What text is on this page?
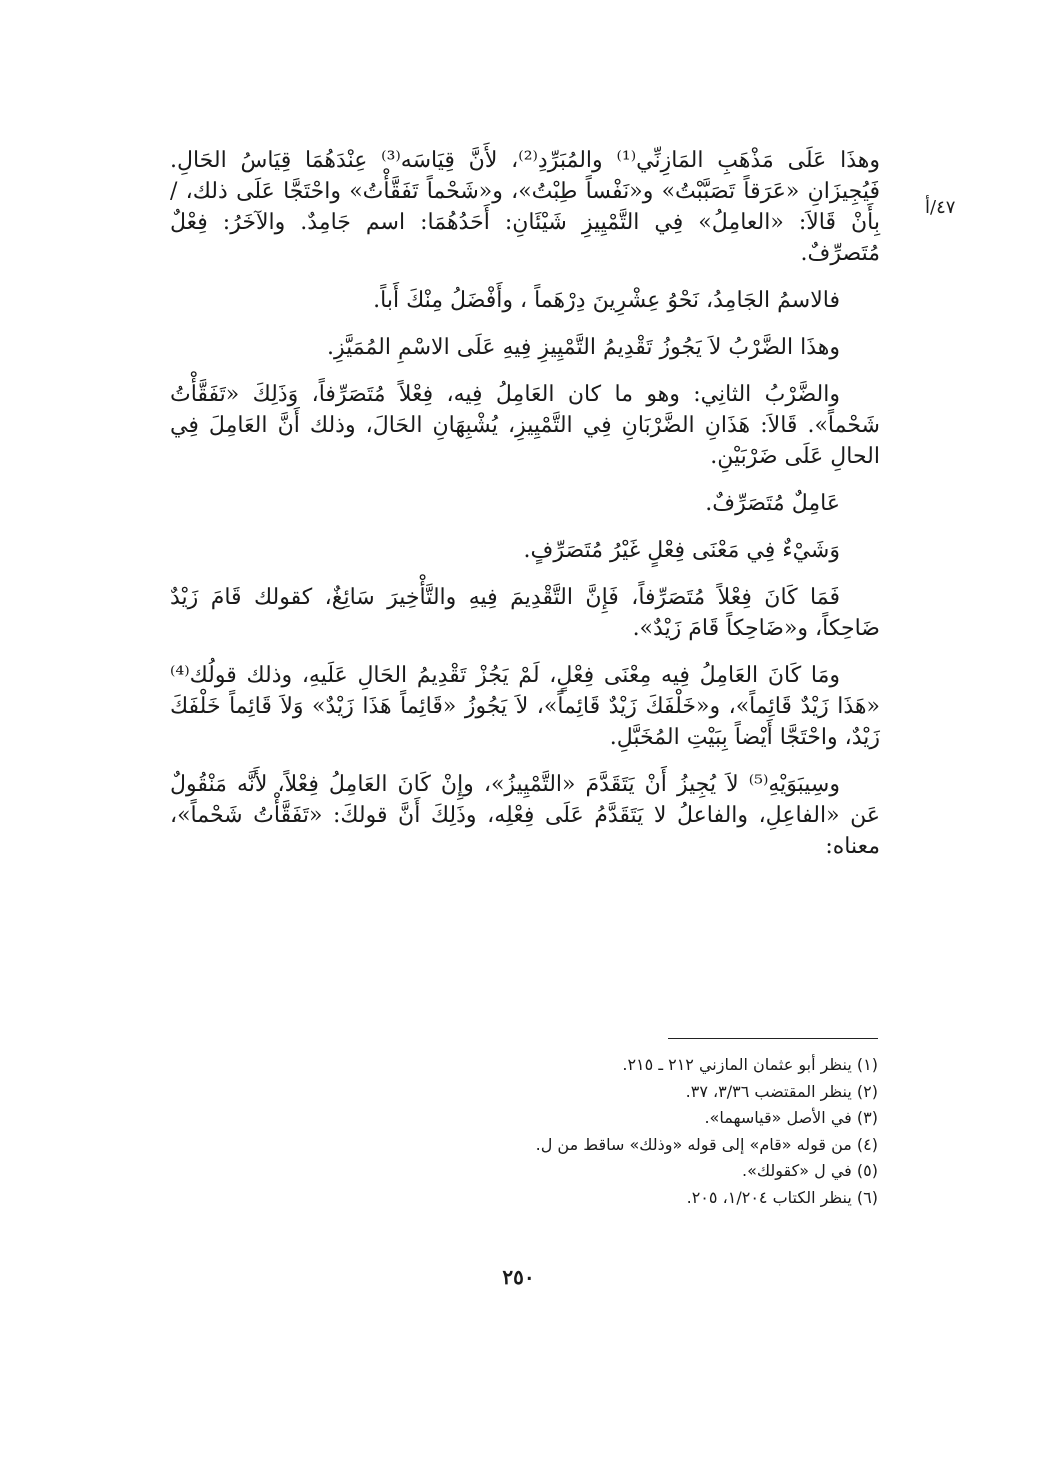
٤٧/أ

وهذَا عَلَى مَذْهَبِ المَازِنِّي⁽¹⁾ والمُبَرِّدِ⁽²⁾، لأَنَّ قِيَاسَه⁽³⁾ عِنْدَهُمَا قِيَاسُ الحَالِ. فَيُجِيزَانِ «عَرَقاً تَصَبَّبْتُ» و«نَفْساً طِبْتُ»، و«شَحْماً تَفَقَّأْتُ» واحْتَجَّا عَلَى ذلك، /بِأَنْ قَالاَ: «العامِلُ» فِي التَّمْيِيزِ شَيْئَانِ: أَحَدُهُمَا: اسم جَامِدٌ. والآخَرُ: فِعْلٌ مُتَصرِّفٌ.

فالاسمُ الجَامِدُ، نَحْوُ عِشْرِينَ دِرْهَماً ، وأَفْضَلُ مِنْكَ أَباً.

وهذَا الضَّرْبُ لاَ يَجُوزُ تَقْدِيمُ التَّمْيِيزِ فِيهِ عَلَى الاسْمِ المُمَيَّزِ.

والضَّرْبُ الثانِي: وهو ما كان العَامِلُ فِيه، فِعْلاً مُتَصَرِّفاً، وَذَلِكَ «تَفَقَّأْتُ شَحْماً». قَالاَ: هَذَانِ الضَّرْبَانِ فِي التَّمْيِيزِ، يُشْبِهَانِ الحَالَ، وذلك أَنَّ العَامِلَ فِي الحالِ عَلَى ضَرْبَيْنِ.

عَامِلٌ مُتَصَرِّفٌ.

وَشَيْءٌ فِي مَعْنَى فِعْلٍ غَيْرُ مُتَصَرِّفٍ.

فَمَا كَانَ فِعْلاً مُتَصَرِّفاً، فَإِنَّ التَّقْدِيمَ فِيهِ والتَّأْخِيرَ سَائِغٌ، كقولك قَامَ زَيْدٌ ضَاحِكاً، و«ضَاحِكاً قَامَ زَيْدٌ».

ومَا كَانَ العَامِلُ فِيه مِعْنَى فِعْلٍ، لَمْ يَجُزْ تَقْدِيمُ الحَالِ عَلَيهِ، وذلك قولُك⁽⁴⁾ «هَذَا زَيْدٌ قَائِماً»، و«خَلْفَكَ زَيْدٌ قَائِماً»، لاَ يَجُوزُ «قَائِماً هَذَا زَيْدٌ» وَلاَ قَائِماً خَلْفَكَ زَيْدٌ، واحْتَجَّا أَيْضاً بِبَيْتِ المُخَبَّلِ.

وسِيبَوَيْهِ⁽⁵⁾ لاَ يُجِيزُ أَنْ يَتَقَدَّمَ «التَّمْيِيزُ»، وإِنْ كَانَ العَامِلُ فِعْلاً، لأَنَّه مَنْقُولٌ عَن «الفاعِلِ، والفاعلُ لا يَتَقَدَّمُ عَلَى فِعْلِه، وذَلِكَ أَنَّ قولكَ: «تَفَقَّأْتُ شَحْماً»، معناه:

(١) ينظر أبو عثمان المازني ٢١٢ ـ ٢١٥.
(٢) ينظر المقتضب ٣/٣٦، ٣٧.
(٣) في الأصل «قياسهما».
(٤) من قوله «قام» إلى قوله «وذلك» ساقط من ل.
(٥) في ل «كقولك».
(٦) ينظر الكتاب ١/٢٠٤، ٢٠٥.
٢٥٠
